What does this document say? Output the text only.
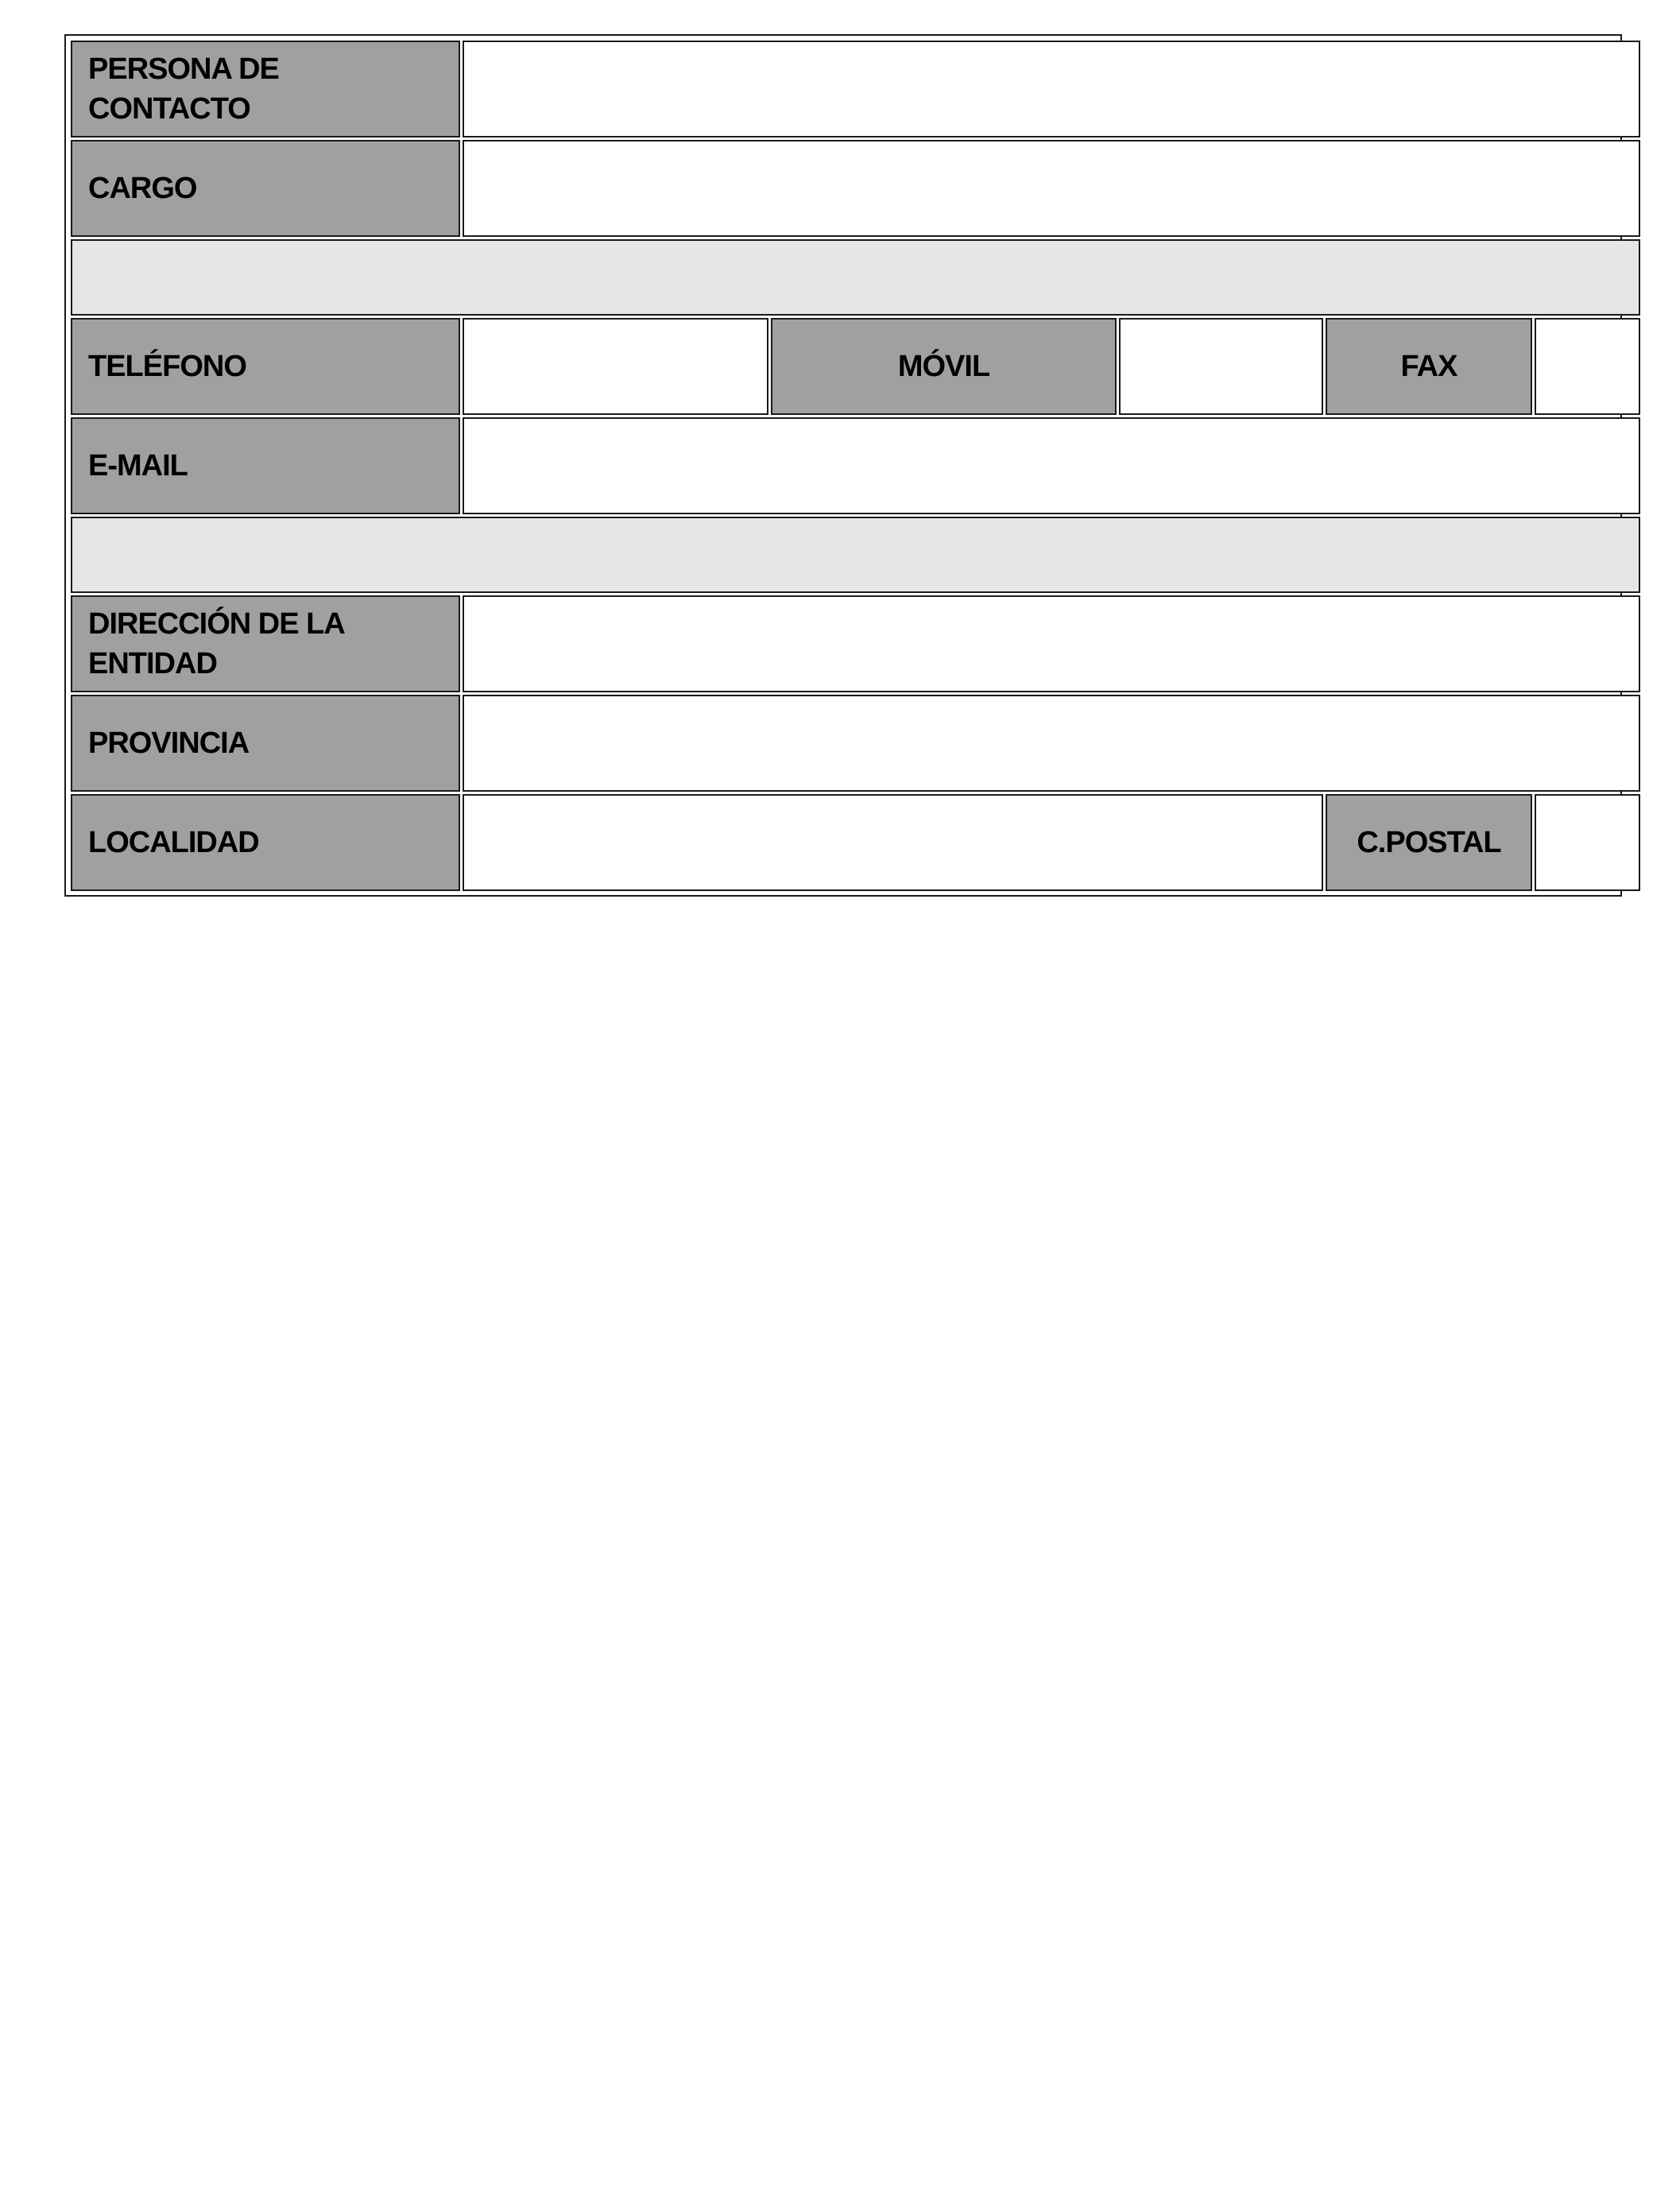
PERSONA DE CONTACTO					
CARGO					

TELÉFONO		MÓVIL		FAX	
E-MAIL					

DIRECCIÓN DE LA ENTIDAD					
PROVINCIA					
LOCALIDAD				C.POSTAL	
